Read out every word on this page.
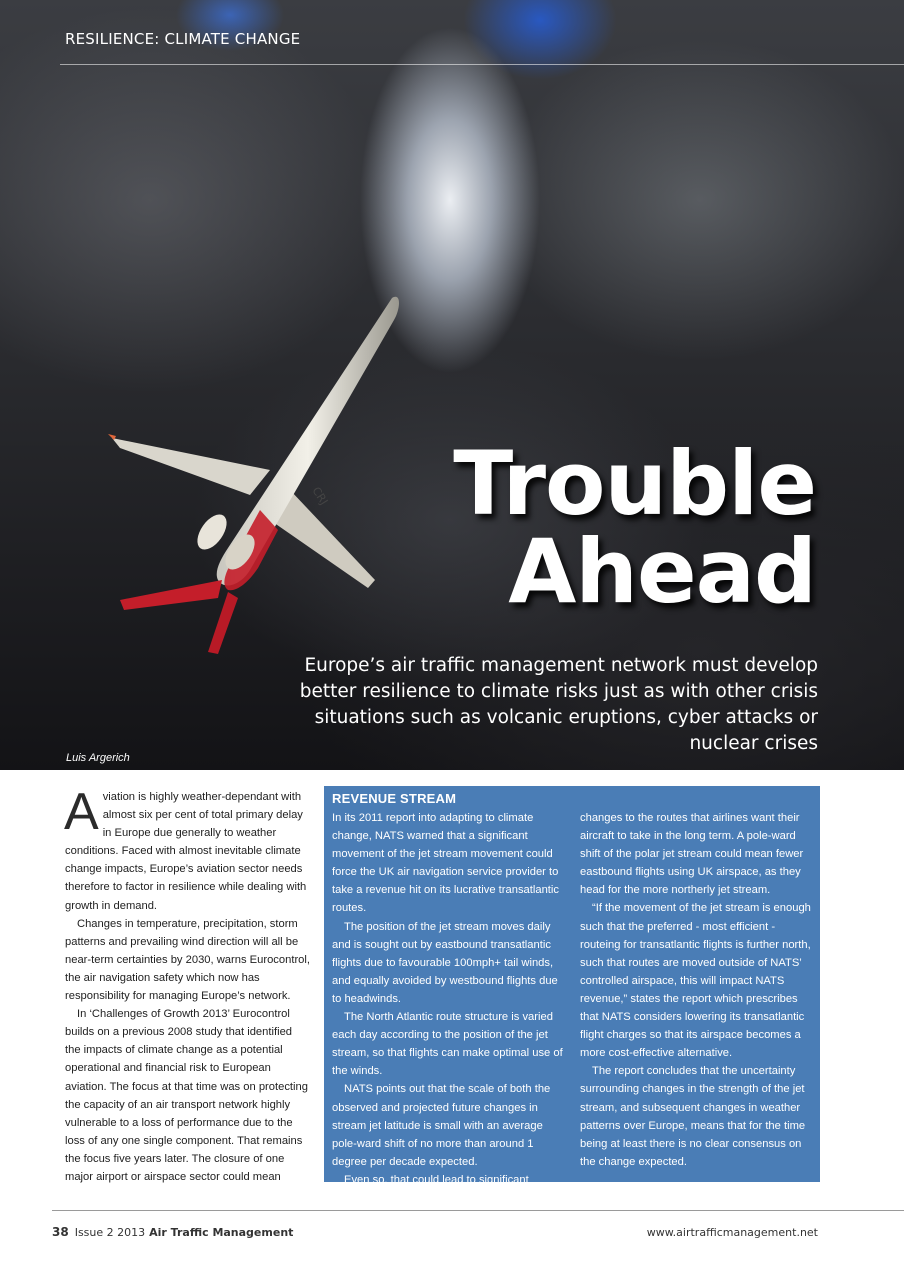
RESILIENCE: CLIMATE CHANGE
CRJ	Trouble
Ahead
Europe’s air traffic management network must develop better resilience to climate risks just as with other crisis situations such as volcanic eruptions, cyber attacks or nuclear crises
Luis Argerich

Aviation is highly weather-dependant with almost six per cent of total primary delay in Europe due generally to weather conditions. Faced with almost inevitable climate change impacts, Europe’s aviation sector needs therefore to factor in resilience while dealing with growth in demand.

Changes in temperature, precipitation, storm patterns and prevailing wind direction will all be near-term certainties by 2030, warns Eurocontrol, the air navigation safety which now has responsibility for managing Europe’s network.

In ‘Challenges of Growth 2013’ Eurocontrol builds on a previous 2008 study that identified the impacts of climate change as a potential operational and financial risk to European aviation. The focus at that time was on protecting the capacity of an air transport network highly vulnerable to a loss of performance due to the loss of any one single component. That remains the focus five years later. The closure of one major airport or airspace sector could mean

REVENUE STREAM

In its 2011 report into adapting to climate change, NATS warned that a significant movement of the jet stream movement could force the UK air navigation service provider to take a revenue hit on its lucrative transatlantic routes.

The position of the jet stream moves daily and is sought out by eastbound transatlantic flights due to favourable 100mph+ tail winds, and equally avoided by westbound flights due to headwinds.

The North Atlantic route structure is varied each day according to the position of the jet stream, so that flights can make optimal use of the winds.

NATS points out that the scale of both the observed and projected future changes in stream jet latitude is small with an average pole-ward shift of no more than around 1 degree per decade expected.

Even so, that could lead to significant

changes to the routes that airlines want their aircraft to take in the long term. A pole-ward shift of the polar jet stream could mean fewer eastbound flights using UK airspace, as they head for the more northerly jet stream.

“If the movement of the jet stream is enough such that the preferred - most efficient - routeing for transatlantic flights is further north, such that routes are moved outside of NATS’ controlled airspace, this will impact NATS revenue,” states the report which prescribes that NATS considers lowering its transatlantic flight charges so that its airspace becomes a more cost-effective alternative.

The report concludes that the uncertainty surrounding changes in the strength of the jet stream, and subsequent changes in weather patterns over Europe, means that for the time being at least there is no clear consensus on the change expected.

38 Issue 2 2013 Air Traffic Management	www.airtrafficmanagement.net
